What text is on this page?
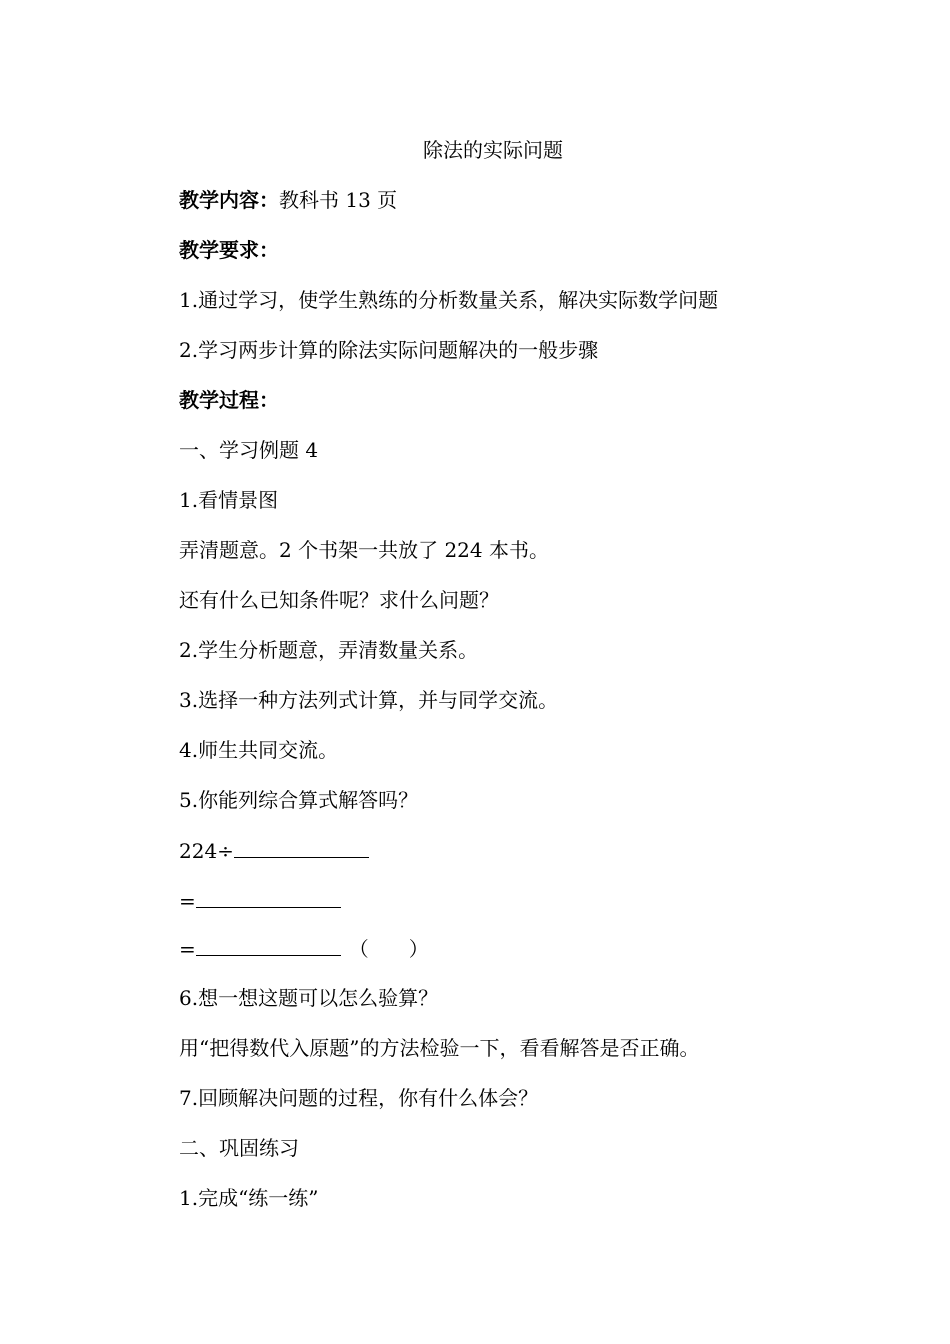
除法的实际问题

教学内容：教科书 13 页

教学要求：

1.通过学习，使学生熟练的分析数量关系，解决实际数学问题

2.学习两步计算的除法实际问题解决的一般步骤

教学过程：

一、学习例题 4

1.看情景图

弄清题意。2 个书架一共放了 224 本书。

还有什么已知条件呢？求什么问题？

2.学生分析题意，弄清数量关系。

3.选择一种方法列式计算，并与同学交流。

4.师生共同交流。

5.你能列综合算式解答吗？

224÷

=

=	（　　）

6.想一想这题可以怎么验算？

用“把得数代入原题”的方法检验一下，看看解答是否正确。

7.回顾解决问题的过程，你有什么体会？

二、巩固练习

1.完成“练一练”
